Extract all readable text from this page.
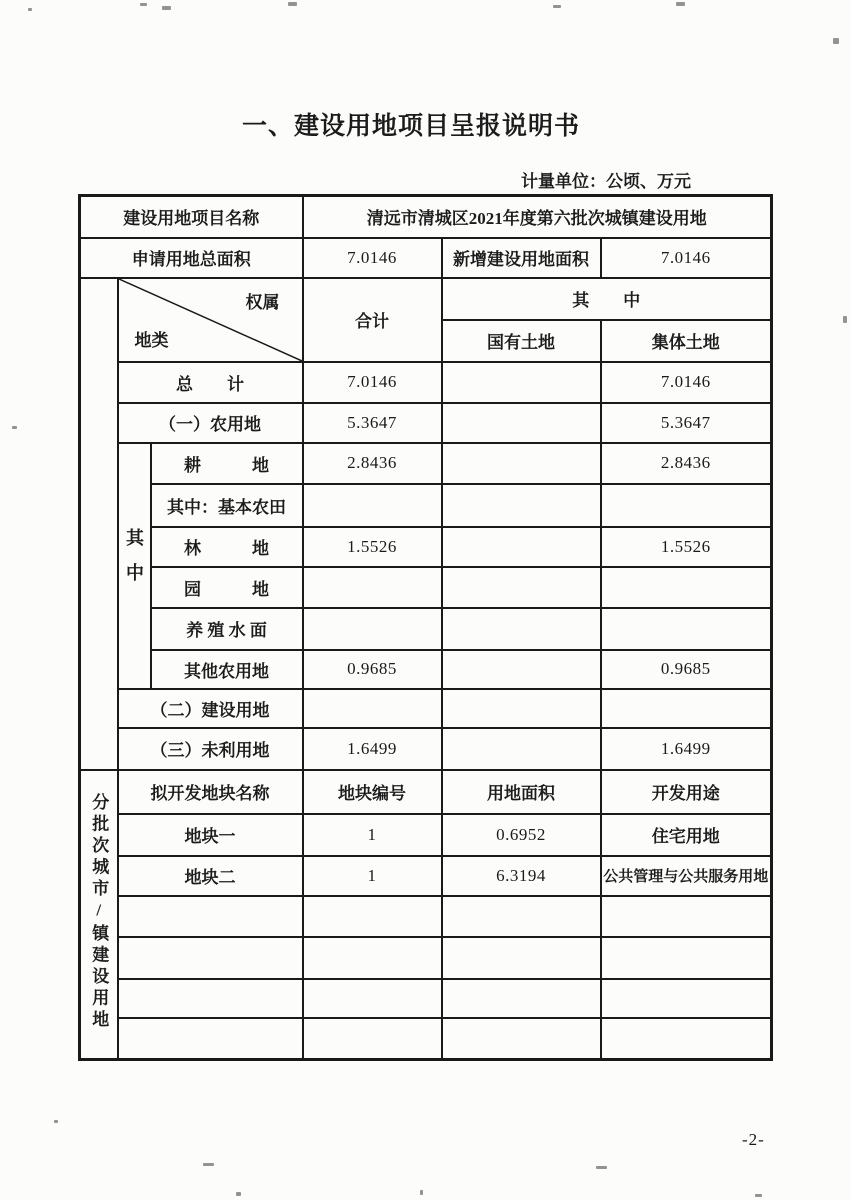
一、建设用地项目呈报说明书
计量单位：公顷、万元
建设用地项目名称			清远市清城区2021年度第六批次城镇建设用地		
申请用地总面积			7.0146	新增建设用地面积	7.0146

	权属
地类		合计	其　　中	
				国有土地	集体土地
	总　　计		7.0146		7.0146
	（一）农用地		5.3647		5.3647
	其中	耕　　　地	2.8436		2.8436
		其中：基本农田			
		林　　　地	1.5526		1.5526
		园　　　地			
		养 殖 水 面			
		其他农用地	0.9685		0.9685
	（二）建设用地				
	（三）未利用地		1.6499		1.6499
分批次城市/镇建设用地	拟开发地块名称		地块编号	用地面积	开发用途
	地块一		1	0.6952	住宅用地
	地块二		1	6.3194	公共管理与公共服务用地

-2-
